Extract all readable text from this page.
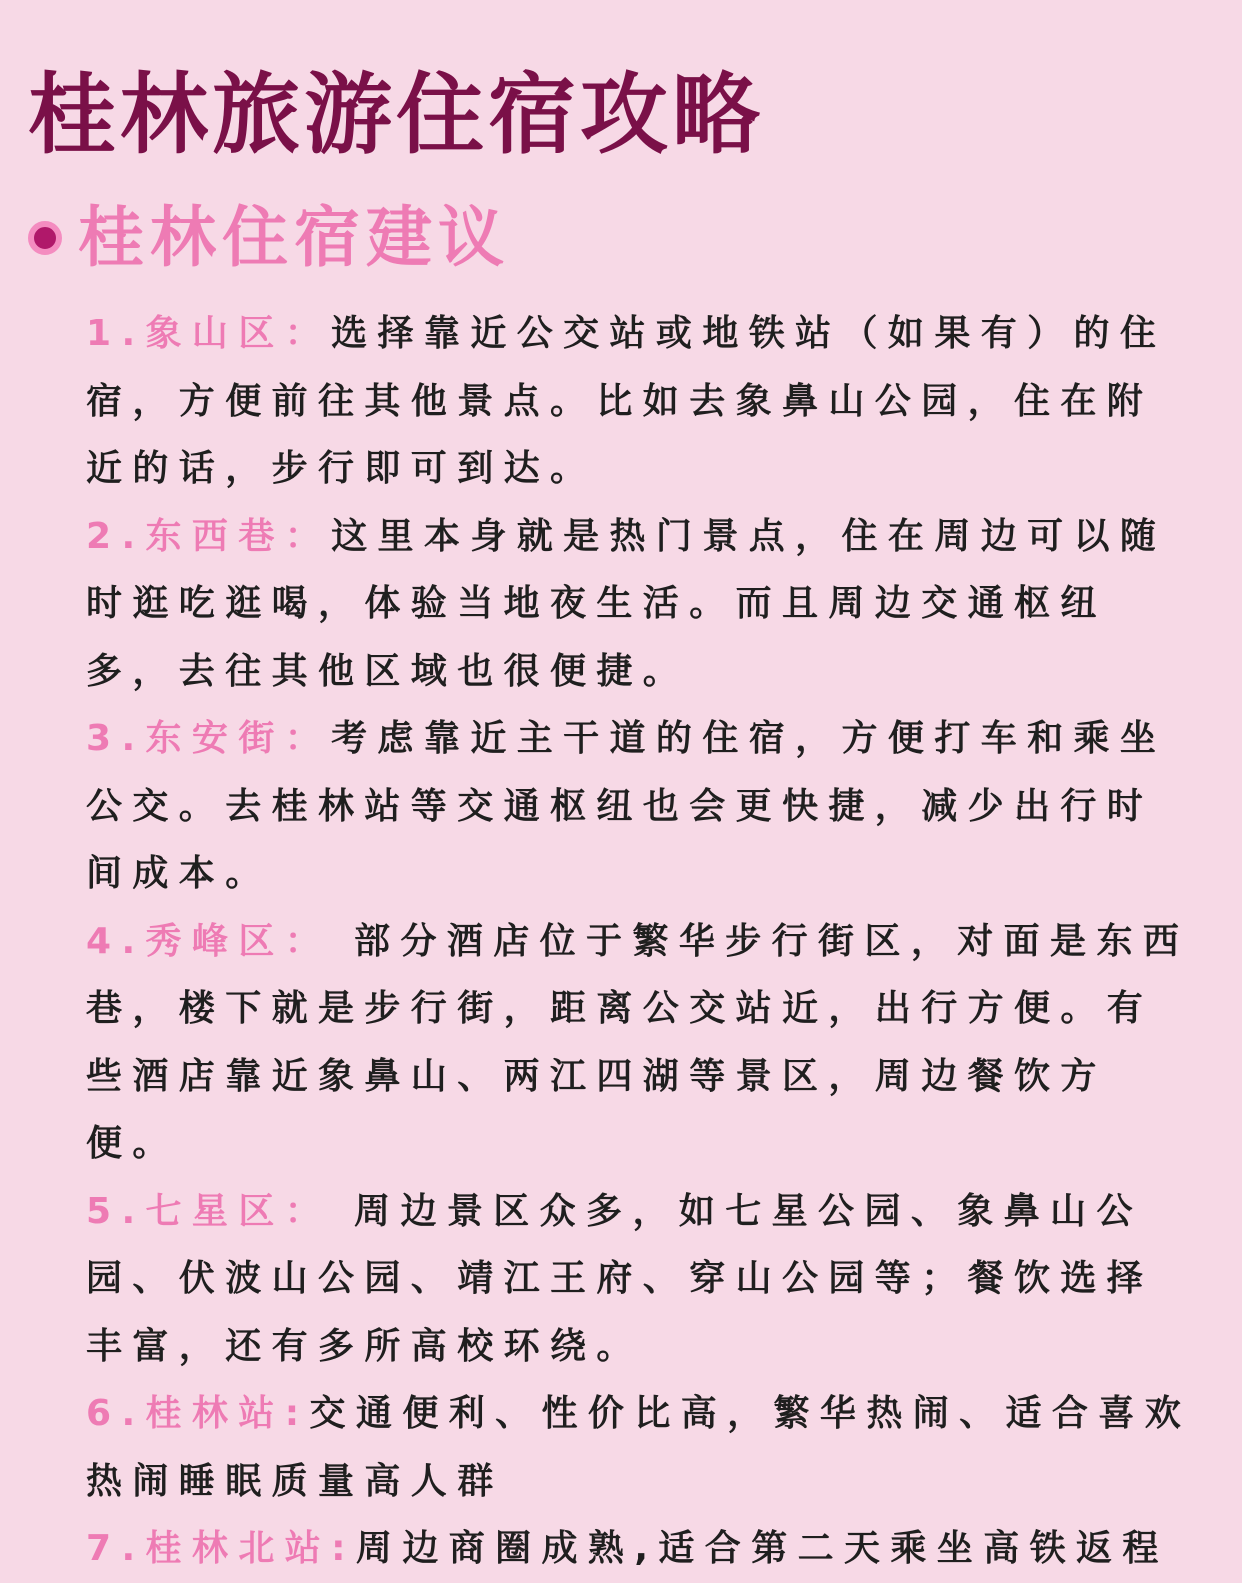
桂林旅游住宿攻略
桂林住宿建议
1.象山区：选择靠近公交站或地铁站（如果有）的住宿，方便前往其他景点。比如去象鼻山公园，住在附近的话，步行即可到达。
2.东西巷：这里本身就是热门景点，住在周边可以随时逛吃逛喝，体验当地夜生活。而且周边交通枢纽多，去往其他区域也很便捷。
3.东安街：考虑靠近主干道的住宿，方便打车和乘坐公交。去桂林站等交通枢纽也会更快捷，减少出行时间成本。
4.秀峰区： 部分酒店位于繁华步行街区，对面是东西巷，楼下就是步行街，距离公交站近，出行方便。有些酒店靠近象鼻山、两江四湖等景区，周边餐饮方便。
5.七星区： 周边景区众多，如七星公园、象鼻山公园、伏波山公园、靖江王府、穿山公园等；餐饮选择丰富，还有多所高校环绕。
6.桂林站:交通便利、性价比高，繁华热闹、适合喜欢热闹睡眠质量高人群
7.桂林北站:周边商圈成熟,适合第二天乘坐高铁返程
